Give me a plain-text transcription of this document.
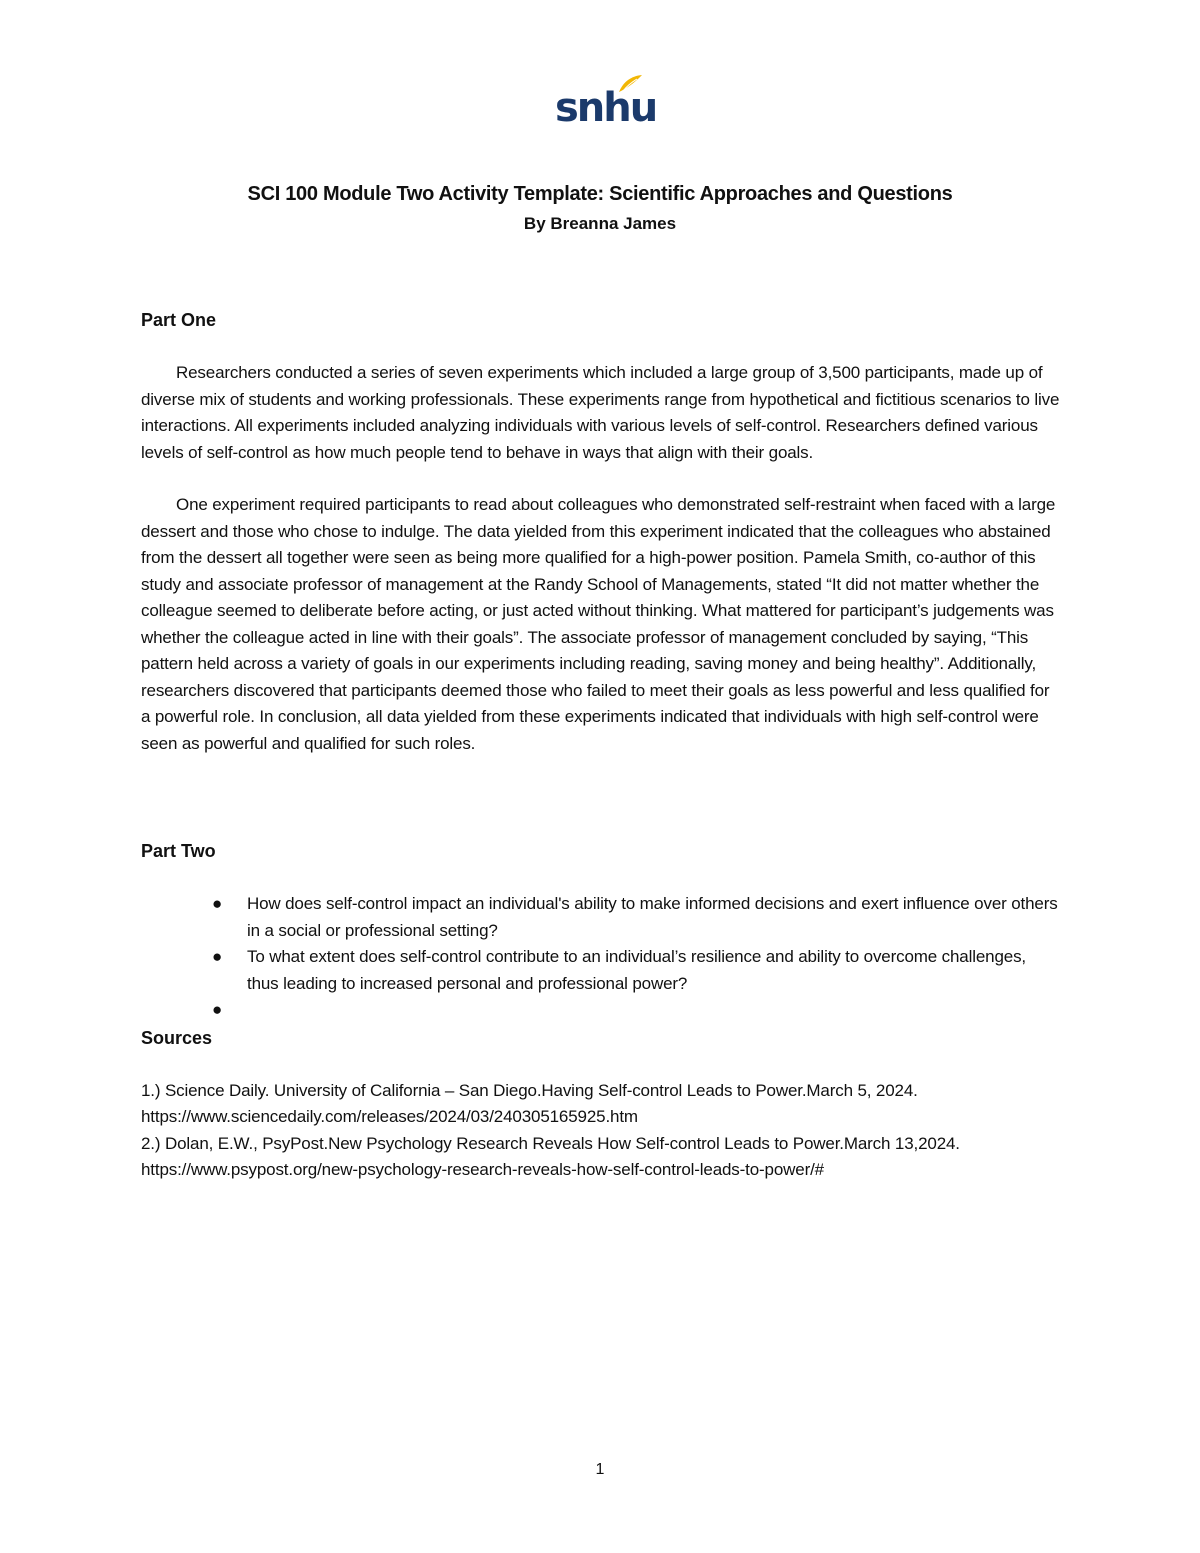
snhu
SCI 100 Module Two Activity Template: Scientific Approaches and Questions
By Breanna James

Part One

Researchers conducted a series of seven experiments which included a large group of 3,500 participants, made up of diverse mix of students and working professionals. These experiments range from hypothetical and fictitious scenarios to live interactions. All experiments included analyzing individuals with various levels of self-control. Researchers defined various levels of self-control as how much people tend to behave in ways that align with their goals.

One experiment required participants to read about colleagues who demonstrated self-restraint when faced with a large dessert and those who chose to indulge. The data yielded from this experiment indicated that the colleagues who abstained from the dessert all together were seen as being more qualified for a high-power position. Pamela Smith, co-author of this study and associate professor of management at the Randy School of Managements, stated “It did not matter whether the colleague seemed to deliberate before acting, or just acted without thinking. What mattered for participant’s judgements was whether the colleague acted in line with their goals”. The associate professor of management concluded by saying, “This pattern held across a variety of goals in our experiments including reading, saving money and being healthy”. Additionally, researchers discovered that participants deemed those who failed to meet their goals as less powerful and less qualified for a powerful role. In conclusion, all data yielded from these experiments indicated that individuals with high self-control were seen as powerful and qualified for such roles.

Part Two

● How does self-control impact an individual's ability to make informed decisions and exert influence over others in a social or professional setting?
● To what extent does self-control contribute to an individual’s resilience and ability to overcome challenges, thus leading to increased personal and professional power?
●

Sources

1.) Science Daily. University of California – San Diego.Having Self-control Leads to Power.March 5, 2024.

https://www.sciencedaily.com/releases/2024/03/240305165925.htm

2.) Dolan, E.W., PsyPost.New Psychology Research Reveals How Self-control Leads to Power.March 13,2024.

https://www.psypost.org/new-psychology-research-reveals-how-self-control-leads-to-power/#

1
